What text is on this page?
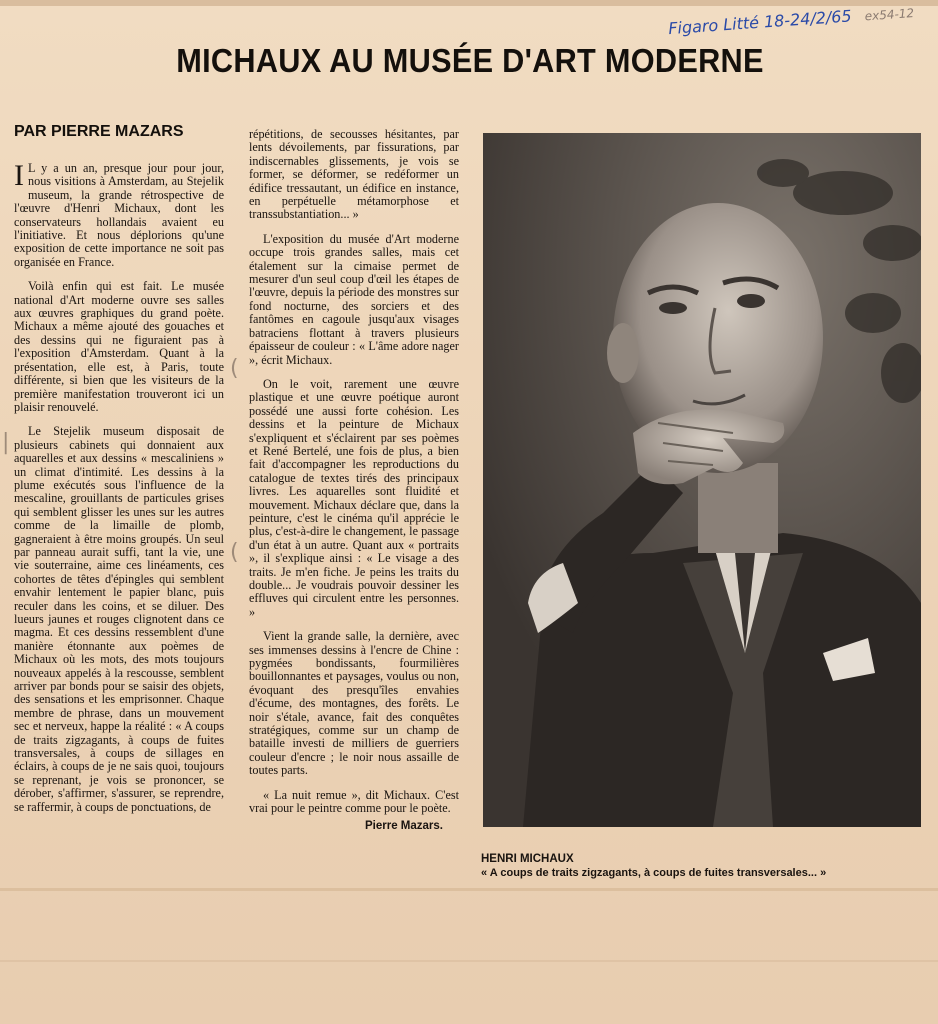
Figaro Litté 18-24/2/65 ex54-12
MICHAUX AU MUSÉE D'ART MODERNE
PAR PIERRE MAZARS

I L y a un an, presque jour pour jour, nous visitions à Amsterdam, au Stejelik museum, la grande rétrospective de l'œuvre d'Henri Michaux, dont les conservateurs hollandais avaient eu l'initiative. Et nous déplorions qu'une exposition de cette importance ne soit pas organisée en France.

Voilà enfin qui est fait. Le musée national d'Art moderne ouvre ses salles aux œuvres graphiques du grand poète. Michaux a même ajouté des gouaches et des dessins qui ne figuraient pas à l'exposition d'Amsterdam. Quant à la présentation, elle est, à Paris, toute différente, si bien que les visiteurs de la première manifestation trouveront ici un plaisir renouvelé.

Le Stejelik museum disposait de plusieurs cabinets qui donnaient aux aquarelles et aux dessins « mescaliniens » un climat d'intimité. Les dessins à la plume exécutés sous l'influence de la mescaline, grouillants de particules grises qui semblent glisser les unes sur les autres comme de la limaille de plomb, gagneraient à être moins groupés. Un seul par panneau aurait suffi, tant la vie, une vie souterraine, aime ces linéaments, ces cohortes de têtes d'épingles qui semblent envahir lentement le papier blanc, puis reculer dans les coins, et se diluer. Des lueurs jaunes et rouges clignotent dans ce magma. Et ces dessins ressemblent d'une manière étonnante aux poèmes de Michaux où les mots, des mots toujours nouveaux appelés à la rescousse, semblent arriver par bonds pour se saisir des objets, des sensations et les emprisonner. Chaque membre de phrase, dans un mouvement sec et nerveux, happe la réalité : « A coups de traits zigzagants, à coups de fuites transversales, à coups de sillages en éclairs, à coups de je ne sais quoi, toujours se reprenant, je vois se prononcer, se dérober, s'affirmer, s'assurer, se reprendre, se raffermir, à coups de ponctuations, de

répétitions, de secousses hésitantes, par lents dévoilements, par fissurations, par indiscernables glissements, je vois se former, se déformer, se redéformer un édifice tressautant, un édifice en instance, en perpétuelle métamorphose et transsubstantiation... »

L'exposition du musée d'Art moderne occupe trois grandes salles, mais cet étalement sur la cimaise permet de mesurer d'un seul coup d'œil les étapes de l'œuvre, depuis la période des monstres sur fond nocturne, des sorciers et des fantômes en cagoule jusqu'aux visages batraciens flottant à travers plusieurs épaisseur de couleur : « L'âme adore nager », écrit Michaux.

On le voit, rarement une œuvre plastique et une œuvre poétique auront possédé une aussi forte cohésion. Les dessins et la peinture de Michaux s'expliquent et s'éclairent par ses poèmes et René Bertelé, une fois de plus, a bien fait d'accompagner les reproductions du catalogue de textes tirés des principaux livres. Les aquarelles sont fluidité et mouvement. Michaux déclare que, dans la peinture, c'est le cinéma qu'il apprécie le plus, c'est-à-dire le changement, le passage d'un état à un autre. Quant aux « portraits », il s'explique ainsi : « Le visage a des traits. Je m'en fiche. Je peins les traits du double... Je voudrais pouvoir dessiner les effluves qui circulent entre les personnes. »

Vient la grande salle, la dernière, avec ses immenses dessins à l'encre de Chine : pygmées bondissants, fourmilières bouillonnantes et paysages, voulus ou non, évoquant des presqu'îles envahies d'écume, des montagnes, des forêts. Le noir s'étale, avance, fait des conquêtes stratégiques, comme sur un champ de bataille investi de milliers de guerriers couleur d'encre ; le noir nous assaille de toutes parts.

« La nuit remue », dit Michaux. C'est vrai pour le peintre comme pour le poète.

Pierre Mazars.
(
(
|
HENRI MICHAUX
« A coups de traits zigzagants, à coups de fuites transversales... »
